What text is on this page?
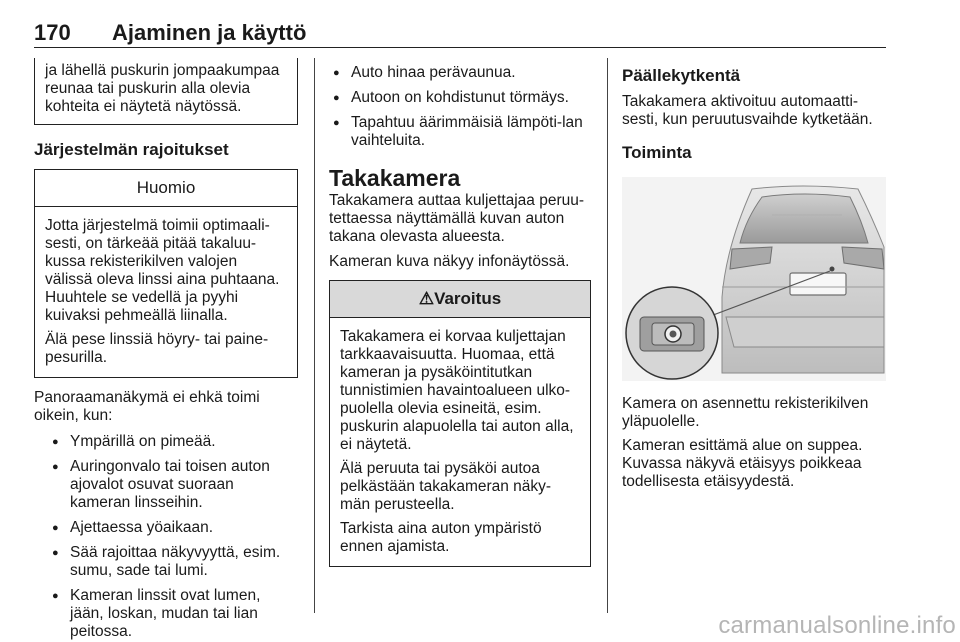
170 Ajaminen ja käyttö

ja lähellä puskurin jompaakumpaa reunaa tai puskurin alla olevia kohteita ei näytetä näytössä.

Järjestelmän rajoitukset
Huomio

Jotta järjestelmä toimii optimaali-sesti, on tärkeää pitää takaluu-kussa rekisterikilven valojen välissä oleva linssi aina puhtaana. Huuhtele se vedellä ja pyyhi kuivaksi pehmeällä liinalla.

Älä pese linssiä höyry- tai paine-pesurilla.

Panoraamanäkymä ei ehkä toimi oikein, kun:

● Ympärillä on pimeää.
● Auringonvalo tai toisen auton ajovalot osuvat suoraan kameran linsseihin.
● Ajettaessa yöaikaan.
● Sää rajoittaa näkyvyyttä, esim. sumu, sade tai lumi.
● Kameran linssit ovat lumen, jään, loskan, mudan tai lian peitossa.
● Auto hinaa perävaunua.
● Autoon on kohdistunut törmäys.
● Tapahtuu äärimmäisiä lämpöti-lan vaihteluita.
Takakamera

Takakamera auttaa kuljettajaa peruu-tettaessa näyttämällä kuvan auton takana olevasta alueesta.

Kameran kuva näkyy infonäytössä.

⚠Varoitus

Takakamera ei korvaa kuljettajan tarkkaavaisuutta. Huomaa, että kameran ja pysäköintitutkan tunnistimien havaintoalueen ulko-puolella olevia esineitä, esim. puskurin alapuolella tai auton alla, ei näytetä.

Älä peruuta tai pysäköi autoa pelkästään takakameran näky-män perusteella.

Tarkista aina auton ympäristö ennen ajamista.

Päällekytkentä

Takakamera aktivoituu automaatti-sesti, kun peruutusvaihde kytketään.

Toiminta

Kamera on asennettu rekisterikilven yläpuolelle.

Kameran esittämä alue on suppea. Kuvassa näkyvä etäisyys poikkeaa todellisesta etäisyydestä.

carmanualsonline.info
